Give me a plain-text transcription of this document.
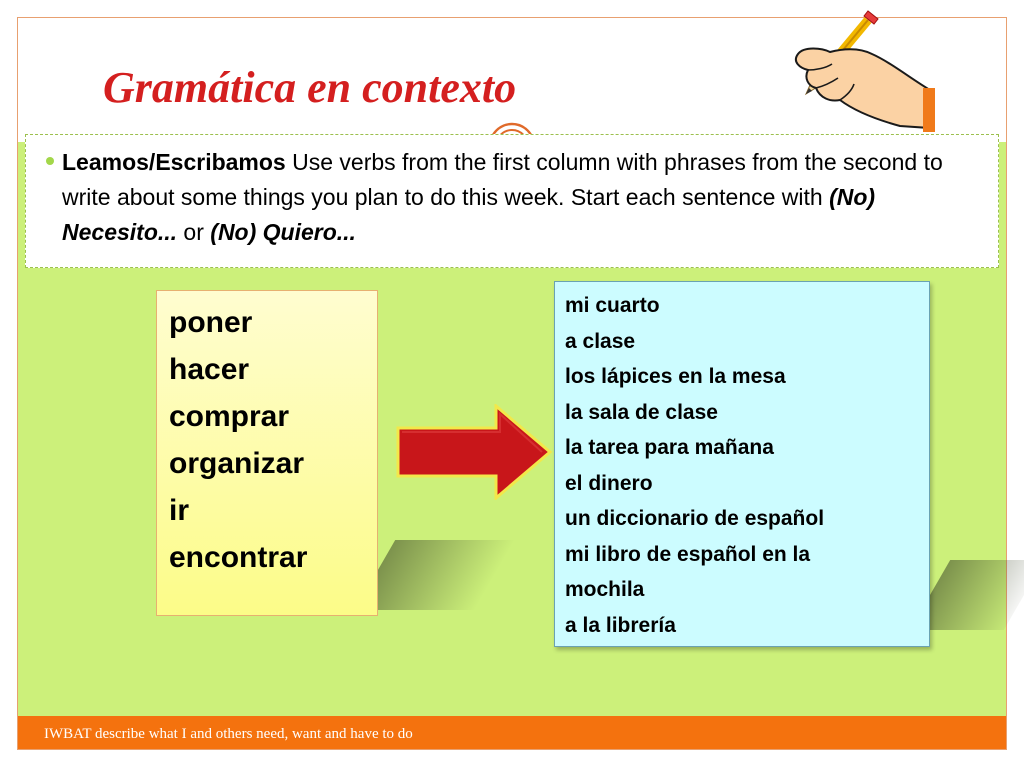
IWBAT describe what I and others need, want and have to do
Gramática en contexto
Leamos/Escribamos Use verbs from the first column with phrases from the second to write about some things you plan to do this week. Start each sentence with (No) Necesito... or (No) Quiero...
poner
hacer
comprar
organizar
ir
encontrar
mi cuarto
a clase
los lápices en la mesa
la sala de clase
la tarea para mañana
el dinero
un diccionario de español
mi libro de español en la
mochila
a la librería
